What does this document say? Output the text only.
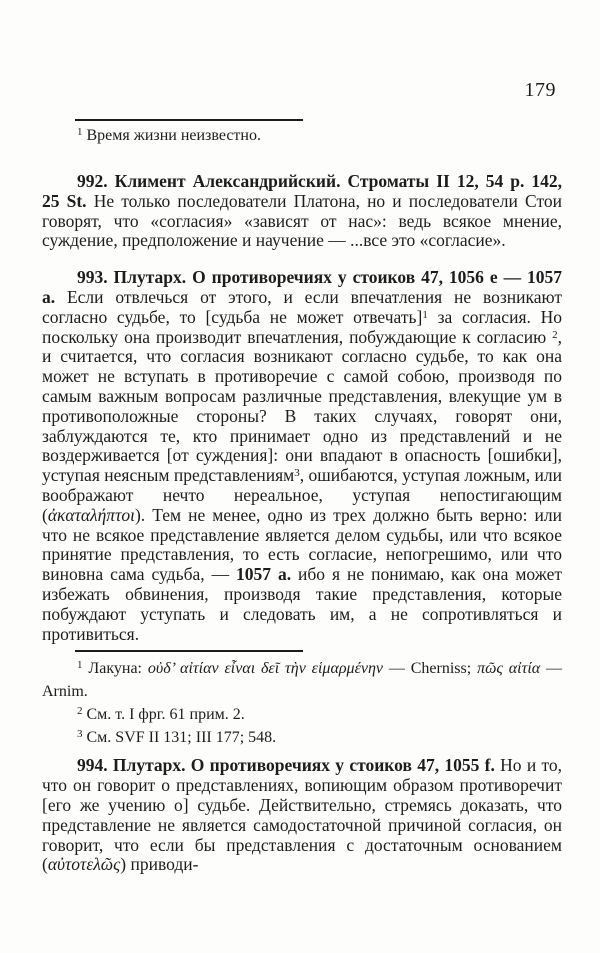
179

$^1$ Время жизни неизвестно.

992. Климент Александрийский. Строматы II 12, 54 p. 142, 25 St. Не только последователи Платона, но и последователи Стои говорят, что «согласия» «зависят от нас»: ведь всякое мнение, суждение, предположение и научение — ...все это «согласие».

993. Плутарх. О противоречиях у стоиков 47, 1056 e — 1057 a. Если отвлечься от этого, и если впечатления не возникают согласно судьбе, то [судьба не может отвечать]$^1$ за согласия. Но поскольку она производит впечатления, побуждающие к согласию $^2$, и считается, что согласия возникают согласно судьбе, то как она может не вступать в противоречие с самой собою, производя по самым важным вопросам различные представления, влекущие ум в противоположные стороны? В таких случаях, говорят они, заблуждаются те, кто принимает одно из представлений и не воздерживается [от суждения]: они впадают в опасность [ошибки], уступая неясным представлениям$^3$, ошибаются, уступая ложным, или воображают нечто нереальное, уступая непостигающим (ἀκαταλήπτοι). Тем не менее, одно из трех должно быть верно: или что не всякое представление является делом судьбы, или что всякое принятие представления, то есть согласие, непогрешимо, или что виновна сама судьба, — 1057 a. ибо я не понимаю, как она может избежать обвинения, производя такие представления, которые побуждают уступать и следовать им, а не сопротивляться и противиться.

$^1$ Лакуна: οὐδ’ αἰτίαν εἶναι δεῖ τὴν εἱμαρμένην — Cherniss; πῶς αἰτία — Arnim.

$^2$ См. т. I фрг. 61 прим. 2.

$^3$ См. SVF II 131; III 177; 548.

994. Плутарх. О противоречиях у стоиков 47, 1055 f. Но и то, что он говорит о представлениях, вопиющим образом противоречит [его же учению о] судьбе. Действительно, стремясь доказать, что представление не является самодостаточной причиной согласия, он говорит, что если бы представления с достаточным основанием (αὐτοτελῶς) приводи-
